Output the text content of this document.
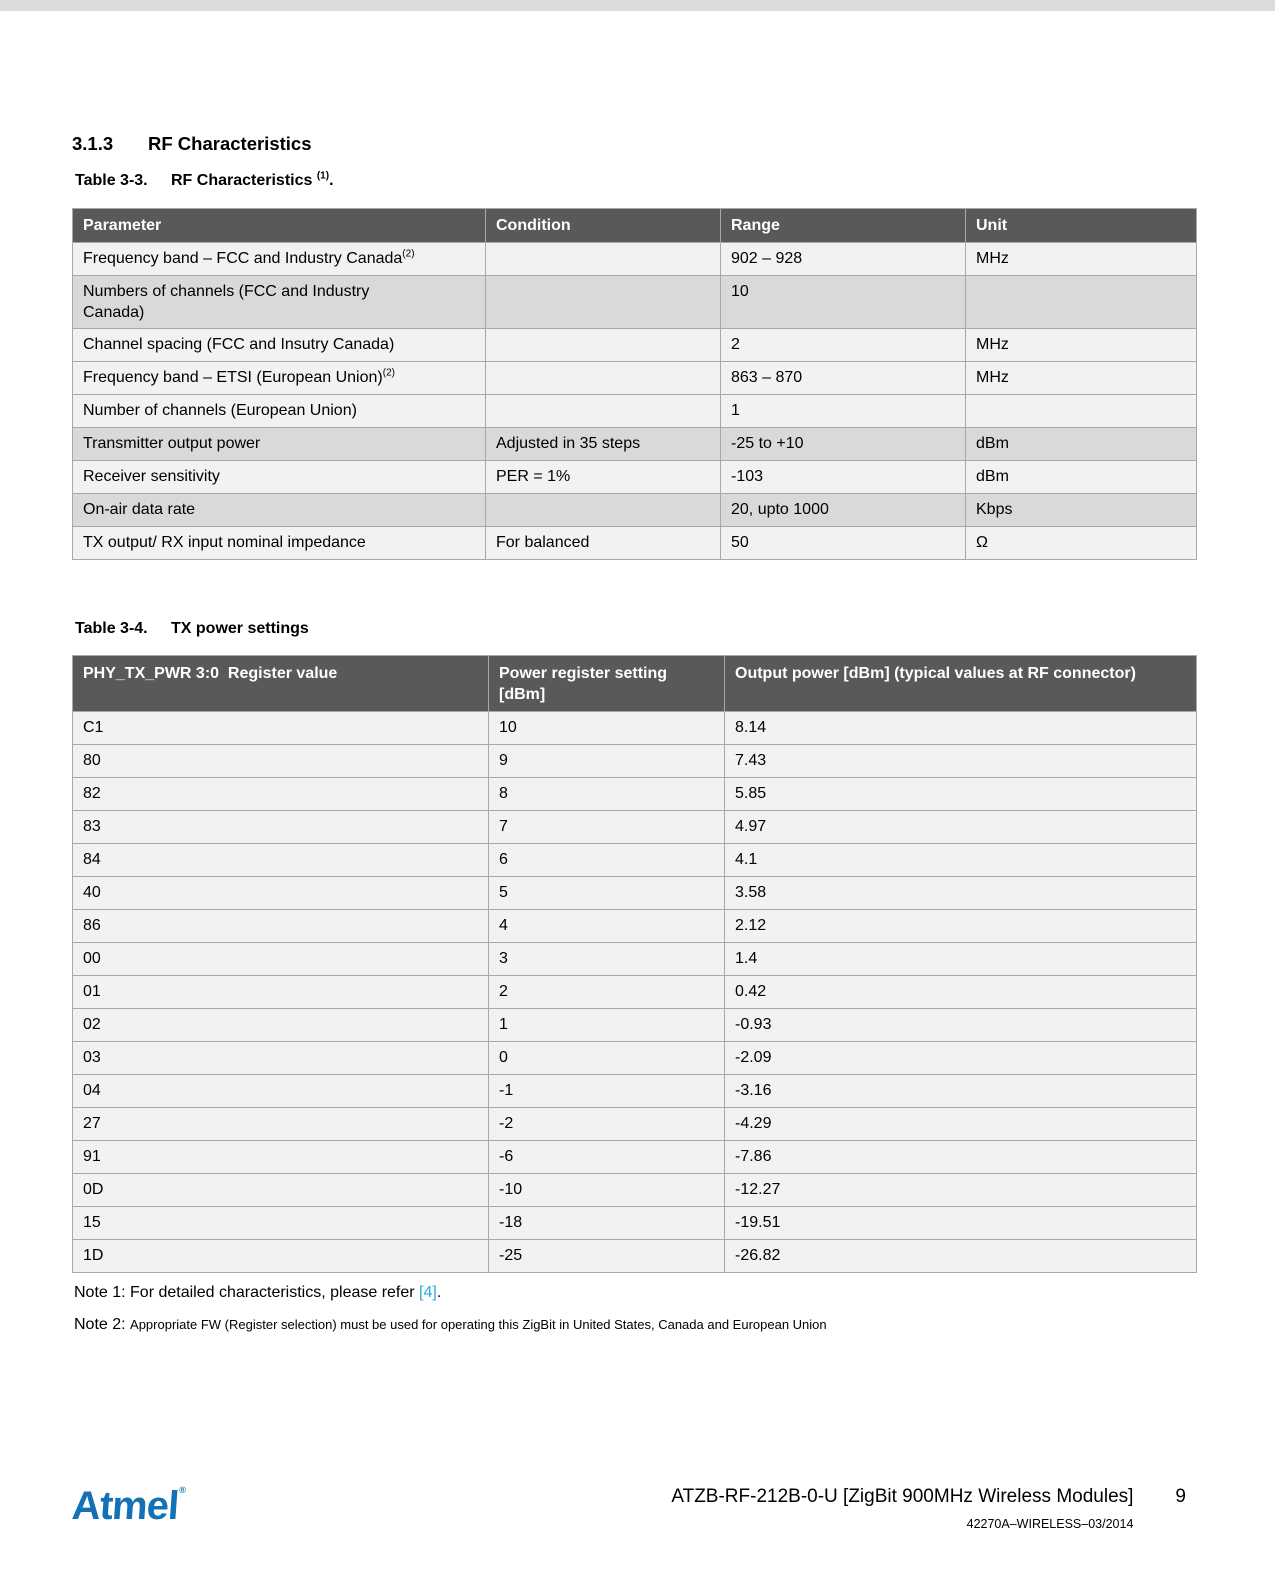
3.1.3 RF Characteristics
Table 3-3. RF Characteristics $^{(1)}$.
Parameter	Condition	Range	Unit
Frequency band – FCC and Industry Canada$^{(2)}$		902 – 928	MHz
Numbers of channels (FCC and Industry Canada)		10	
Channel spacing (FCC and Insutry Canada)		2	MHz
Frequency band – ETSI (European Union)$^{(2)}$		863 – 870	MHz
Number of channels (European Union)		1	
Transmitter output power	Adjusted in 35 steps	-25 to +10	dBm
Receiver sensitivity	PER = 1%	-103	dBm
On-air data rate		20, upto 1000	Kbps
TX output/ RX input nominal impedance	For balanced	50	Ω
Table 3-4. TX power settings
PHY_TX_PWR 3:0  Register value	Power register setting [dBm]	Output power [dBm] (typical values at RF connector)
C1	10	8.14
80	9	7.43
82	8	5.85
83	7	4.97
84	6	4.1
40	5	3.58
86	4	2.12
00	3	1.4
01	2	0.42
02	1	-0.93
03	0	-2.09
04	-1	-3.16
27	-2	-4.29
91	-6	-7.86
0D	-10	-12.27
15	-18	-19.51
1D	-25	-26.82
Note 1: For detailed characteristics, please refer [4].
Note 2: Appropriate FW (Register selection) must be used for operating this ZigBit in United States, Canada and European Union
Atmel®	ATZB-RF-212B-0-U [ZigBit 900MHz Wireless Modules]
42270A–WIRELESS–03/2014
9
